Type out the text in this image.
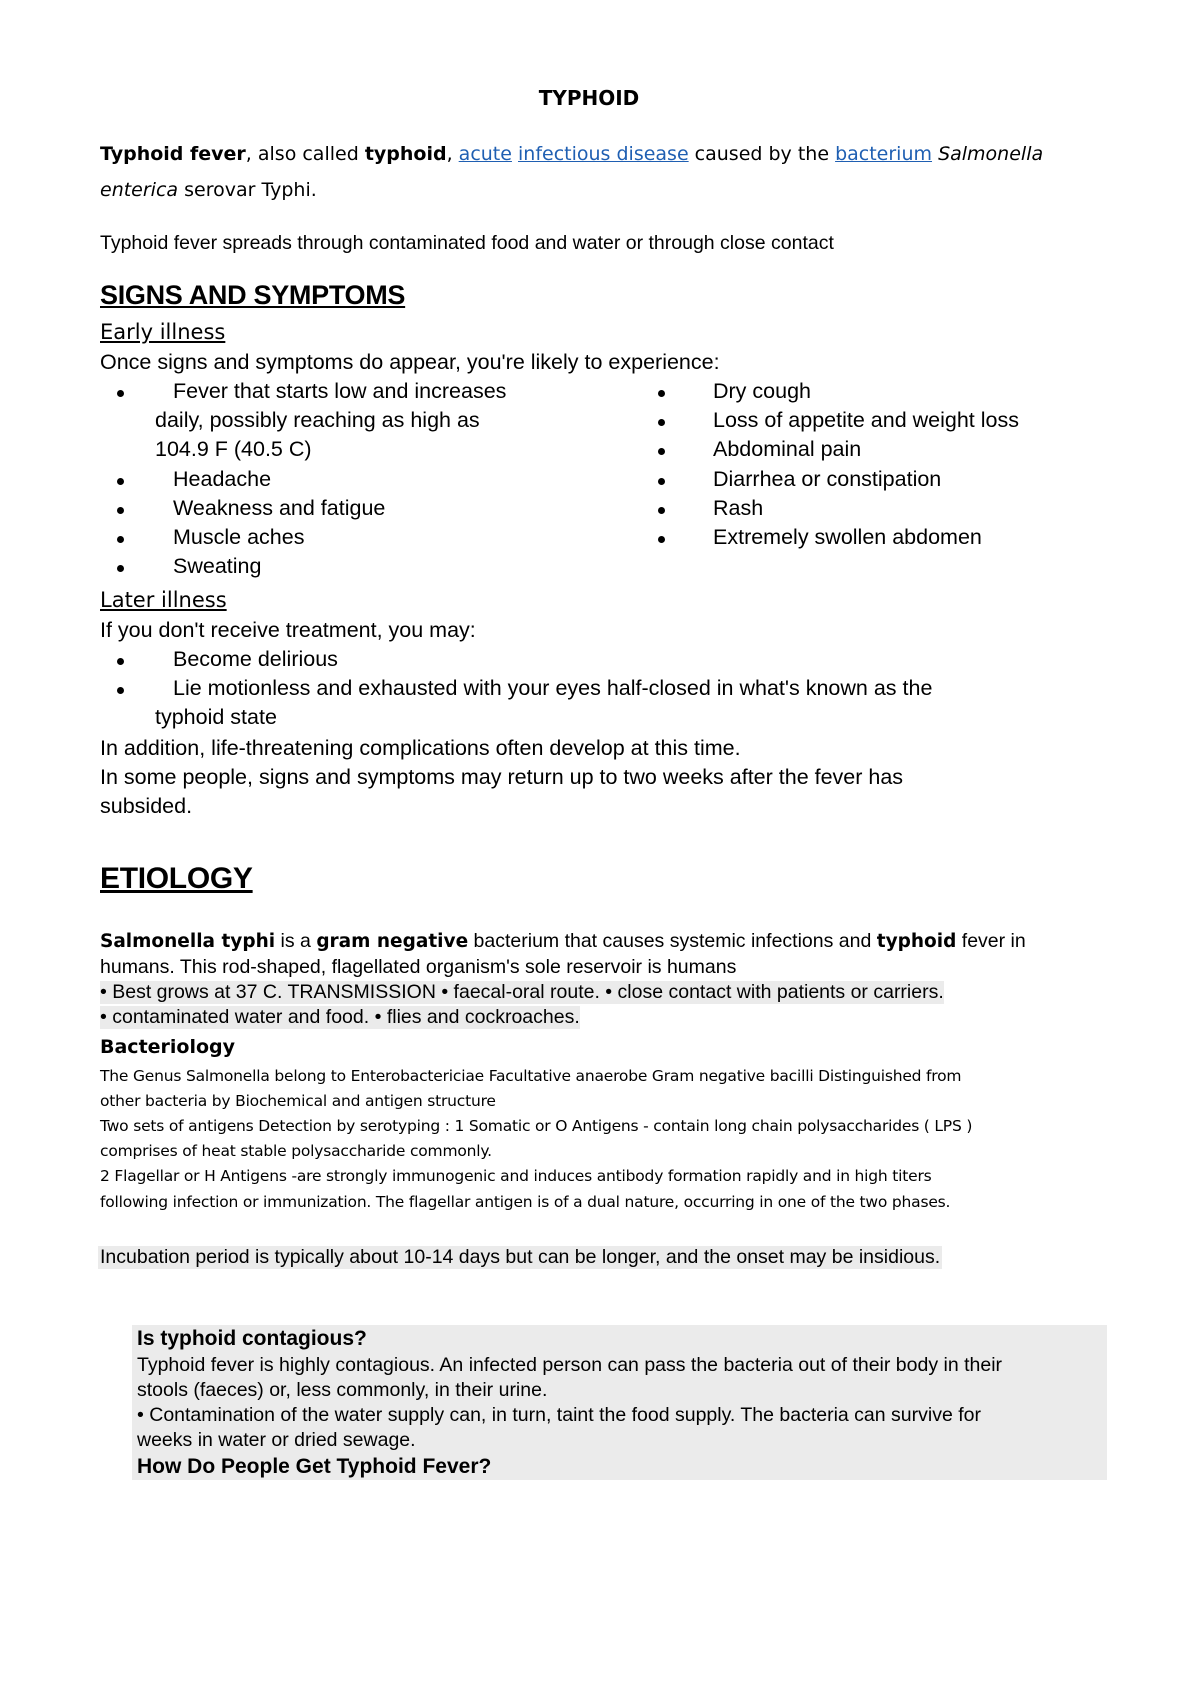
TYPHOID
Typhoid fever, also called typhoid, acute infectious disease caused by the bacterium Salmonella
enterica serovar Typhi.
Typhoid fever spreads through contaminated food and water or through close contact
SIGNS AND SYMPTOMS
Early illness
Once signs and symptoms do appear, you're likely to experience:
Fever that starts low and increases
daily, possibly reaching as high as
104.9 F (40.5 C)
Headache
Weakness and fatigue
Muscle aches
Sweating
Dry cough
Loss of appetite and weight loss
Abdominal pain
Diarrhea or constipation
Rash
Extremely swollen abdomen
Later illness
If you don't receive treatment, you may:
Become delirious
Lie motionless and exhausted with your eyes half-closed in what's known as the
typhoid state
In addition, life-threatening complications often develop at this time.
In some people, signs and symptoms may return up to two weeks after the fever has
subsided.
ETIOLOGY
Salmonella typhi is a gram negative bacterium that causes systemic infections and typhoid fever in
humans. This rod-shaped, flagellated organism's sole reservoir is humans
• Best grows at 37 C. TRANSMISSION • faecal-oral route. • close contact with patients or carriers.
• contaminated water and food. • flies and cockroaches.
Bacteriology
The Genus Salmonella belong to Enterobactericiae Facultative anaerobe Gram negative bacilli Distinguished from
other bacteria by Biochemical and antigen structure
Two sets of antigens Detection by serotyping : 1 Somatic or O Antigens - contain long chain polysaccharides ( LPS )
comprises of heat stable polysaccharide commonly.
2 Flagellar or H Antigens -are strongly immunogenic and induces antibody formation rapidly and in high titers
following infection or immunization. The flagellar antigen is of a dual nature, occurring in one of the two phases.
Incubation period is typically about 10-14 days but can be longer, and the onset may be insidious.
Is typhoid contagious?
Typhoid fever is highly contagious. An infected person can pass the bacteria out of their body in their
stools (faeces) or, less commonly, in their urine.
• Contamination of the water supply can, in turn, taint the food supply. The bacteria can survive for
weeks in water or dried sewage.
How Do People Get Typhoid Fever?
